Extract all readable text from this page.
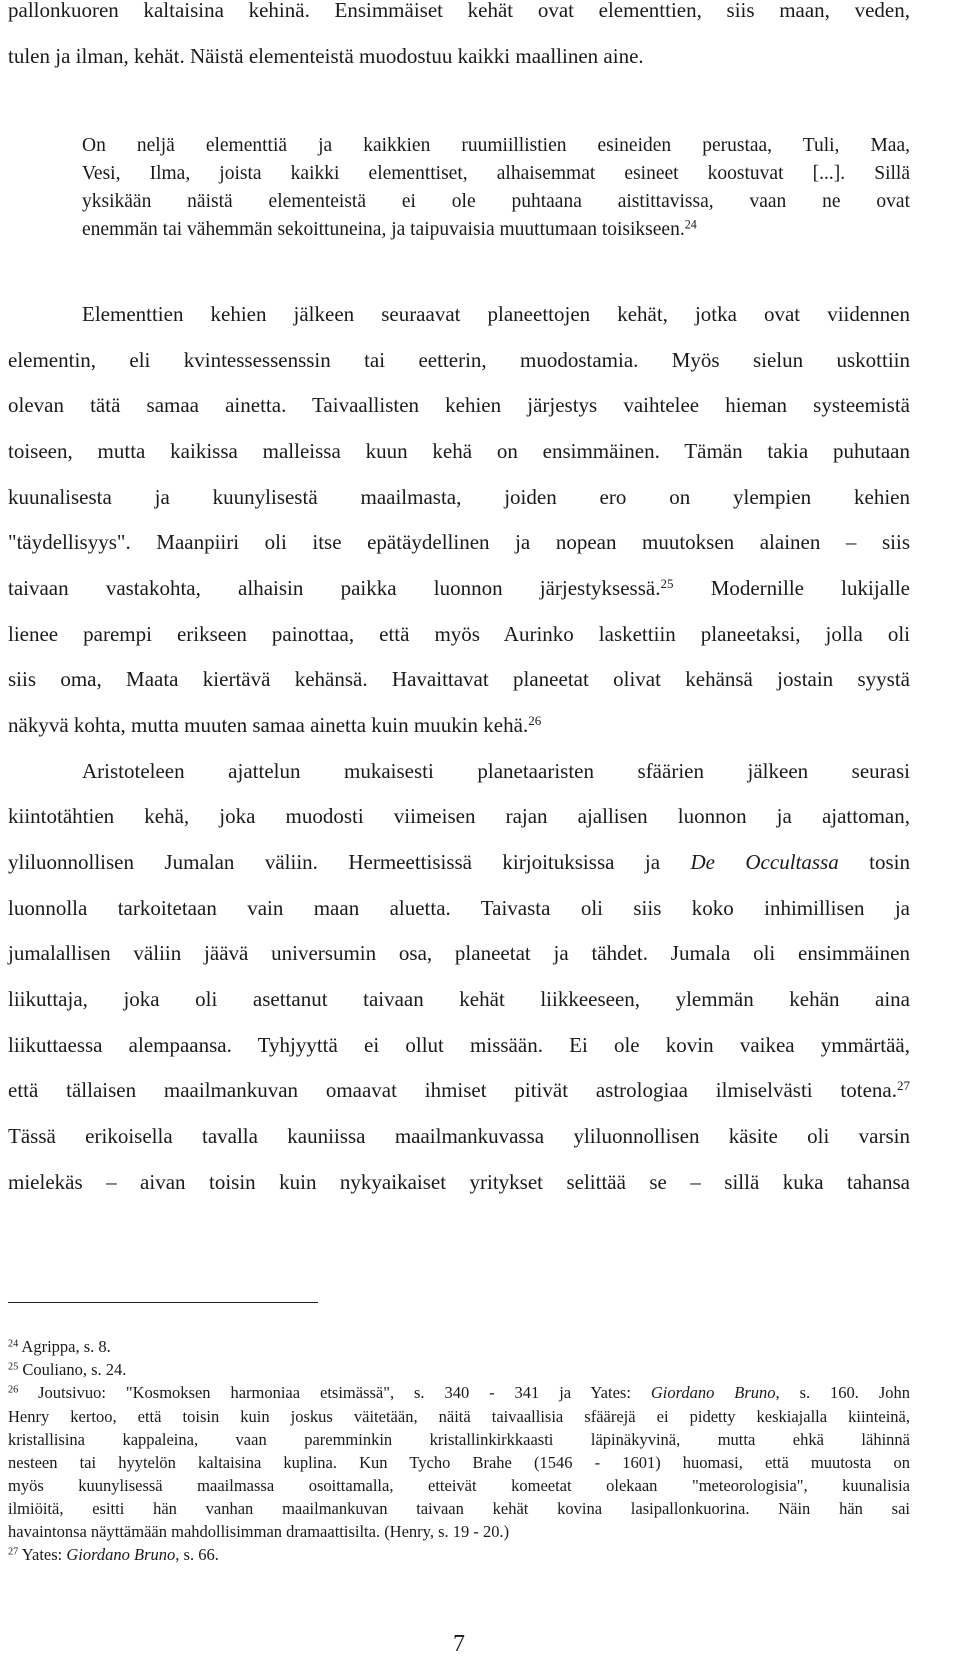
pallonkuoren kaltaisina kehinä. Ensimmäiset kehät ovat elementtien, siis maan, veden,

tulen ja ilman, kehät. Näistä elementeistä muodostuu kaikki maallinen aine.

On neljä elementtiä ja kaikkien ruumiillistien esineiden perustaa, Tuli, Maa,

Vesi, Ilma, joista kaikki elementtiset, alhaisemmat esineet koostuvat [...]. Sillä

yksikään näistä elementeistä ei ole puhtaana aistittavissa, vaan ne ovat

enemmän tai vähemmän sekoittuneina, ja taipuvaisia muuttumaan toisikseen.$^{24}$

Elementtien kehien jälkeen seuraavat planeettojen kehät, jotka ovat viidennen

elementin, eli kvintessessenssin tai eetterin, muodostamia. Myös sielun uskottiin

olevan tätä samaa ainetta. Taivaallisten kehien järjestys vaihtelee hieman systeemistä

toiseen, mutta kaikissa malleissa kuun kehä on ensimmäinen. Tämän takia puhutaan

kuunalisesta ja kuunylisestä maailmasta, joiden ero on ylempien kehien

"täydellisyys". Maanpiiri oli itse epätäydellinen ja nopean muutoksen alainen – siis

taivaan vastakohta, alhaisin paikka luonnon järjestyksessä.$^{25}$ Modernille lukijalle

lienee parempi erikseen painottaa, että myös Aurinko laskettiin planeetaksi, jolla oli

siis oma, Maata kiertävä kehänsä. Havaittavat planeetat olivat kehänsä jostain syystä

näkyvä kohta, mutta muuten samaa ainetta kuin muukin kehä.$^{26}$

Aristoteleen ajattelun mukaisesti planetaaristen sfäärien jälkeen seurasi

kiintotähtien kehä, joka muodosti viimeisen rajan ajallisen luonnon ja ajattoman,

yliluonnollisen Jumalan väliin. Hermeettisissä kirjoituksissa ja De Occultassa tosin

luonnolla tarkoitetaan vain maan aluetta. Taivasta oli siis koko inhimillisen ja

jumalallisen väliin jäävä universumin osa, planeetat ja tähdet. Jumala oli ensimmäinen

liikuttaja, joka oli asettanut taivaan kehät liikkeeseen, ylemmän kehän aina

liikuttaessa alempaansa. Tyhjyyttä ei ollut missään. Ei ole kovin vaikea ymmärtää,

että tällaisen maailmankuvan omaavat ihmiset pitivät astrologiaa ilmiselvästi totena.$^{27}$

Tässä erikoisella tavalla kauniissa maailmankuvassa yliluonnollisen käsite oli varsin

mielekäs – aivan toisin kuin nykyaikaiset yritykset selittää se – sillä kuka tahansa

$^{24}$ Agrippa, s. 8.

$^{25}$ Couliano, s. 24.

$^{26}$ Joutsivuo: "Kosmoksen harmoniaa etsimässä", s. 340 - 341 ja Yates: Giordano Bruno, s. 160. John

Henry kertoo, että toisin kuin joskus väitetään, näitä taivaallisia sfäärejä ei pidetty keskiajalla kiinteinä,

kristallisina kappaleina, vaan paremminkin kristallinkirkkaasti läpinäkyvinä, mutta ehkä lähinnä

nesteen tai hyytelön kaltaisina kuplina. Kun Tycho Brahe (1546 - 1601) huomasi, että muutosta on

myös kuunylisessä maailmassa osoittamalla, etteivät komeetat olekaan "meteorologisia", kuunalisia

ilmiöitä, esitti hän vanhan maailmankuvan taivaan kehät kovina lasipallonkuorina. Näin hän sai

havaintonsa näyttämään mahdollisimman dramaattisilta. (Henry, s. 19 - 20.)

$^{27}$ Yates: Giordano Bruno, s. 66.

7
